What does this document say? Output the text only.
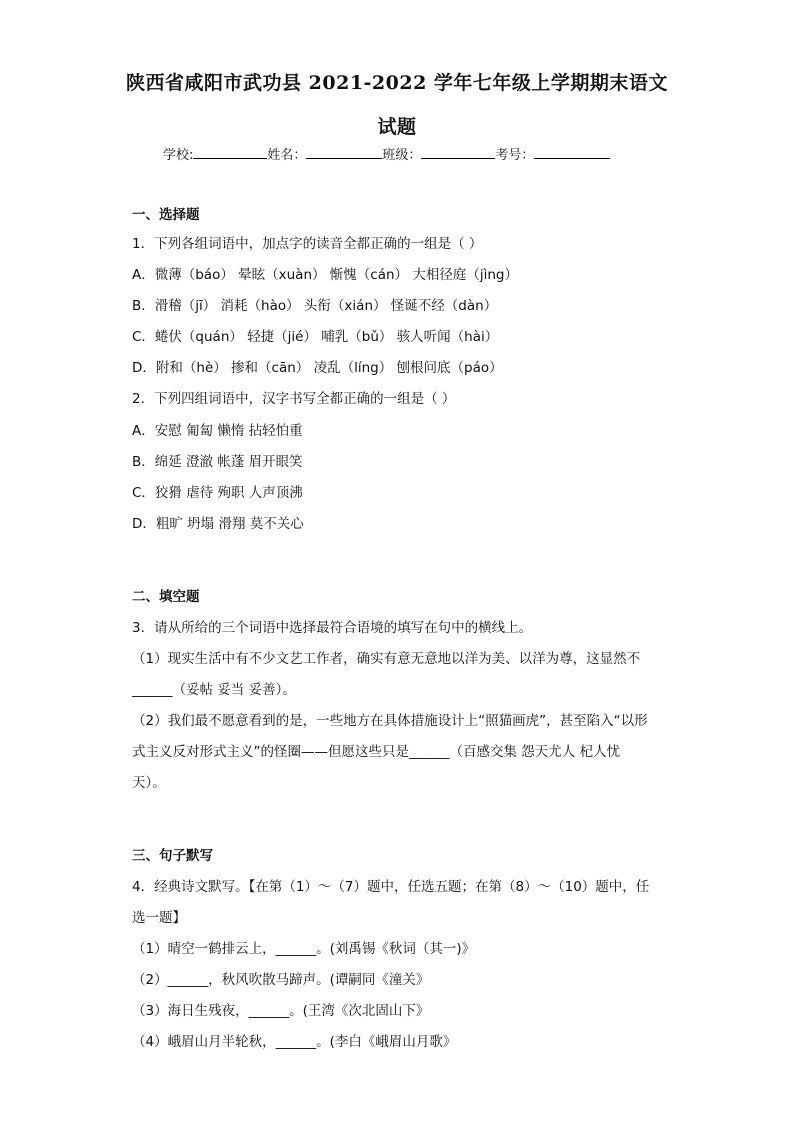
陕西省咸阳市武功县 2021-2022 学年七年级上学期期末语文
试题
学校:	姓名：	班级：	考号：
一、选择题
1．下列各组词语中，加点字的读音全都正确的一组是（ ）
A．微薄（báo） 晕眩（xuàn） 惭愧（cán） 大相径庭（jìng）
B．滑稽（jī） 消耗（hào） 头衔（xián） 怪诞不经（dàn）
C．蜷伏（quán） 轻捷（jié） 哺乳（bǔ） 骇人听闻（hài）
D．附和（hè） 掺和（cān） 凌乱（líng） 刨根问底（páo）
2．下列四组词语中，汉字书写全都正确的一组是（ ）
A．安慰 匍匐 懒惰 拈轻怕重
B．绵延 澄澈 帐蓬 眉开眼笑
C．狡猾 虐待 殉职 人声顶沸
D．粗旷 坍塌 滑翔 莫不关心
二、填空题
3．请从所给的三个词语中选择最符合语境的填写在句中的横线上。
（1）现实生活中有不少文艺工作者，确实有意无意地以洋为美、以洋为尊，这显然不
______（妥帖 妥当 妥善）。
（2）我们最不愿意看到的是，一些地方在具体措施设计上“照猫画虎”，甚至陷入“以形
式主义反对形式主义”的怪圈——但愿这些只是______（百感交集 怨天尤人 杞人忧
天）。
三、句子默写
4．经典诗文默写。【在第（1）～（7）题中，任选五题；在第（8）～（10）题中，任
选一题】
（1）晴空一鹤排云上，______。(刘禹锡《秋词（其一)》
（2）______，秋风吹散马蹄声。(谭嗣同《潼关》
（3）海日生残夜，______。(王湾《次北固山下》
（4）峨眉山月半轮秋，______。(李白《峨眉山月歌》
